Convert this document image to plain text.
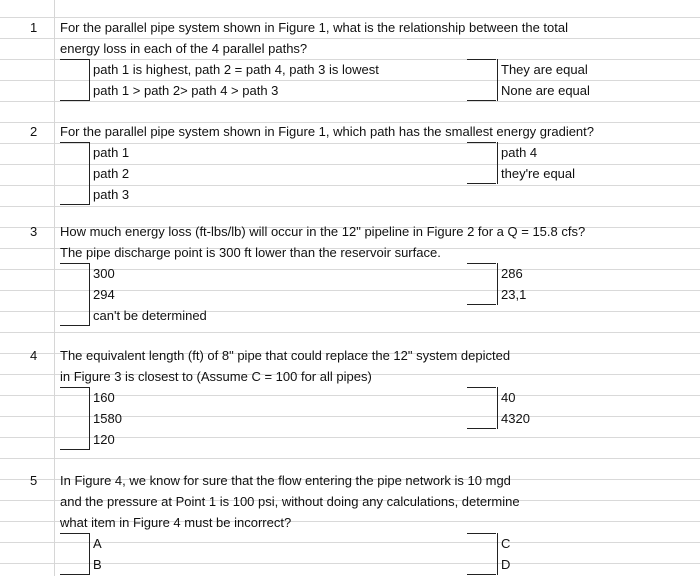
1	For the parallel pipe system shown in Figure 1, what is the relationship between the total
energy loss in each of the 4 parallel paths?
path 1 is highest, path 2 = path 4, path 3 is lowest
path 1 > path 2> path 4 > path 3
They are equal
None are equal
2	For the parallel pipe system shown in Figure 1, which path has the smallest energy gradient?
path 1
path 2
path 3
path 4
they're equal
3	How much energy loss (ft-lbs/lb) will occur in the 12" pipeline in Figure 2 for a Q = 15.8 cfs?
The pipe discharge point is 300 ft lower than the reservoir surface.
300
294
can't be determined
286
23,1
4	The equivalent length (ft) of 8" pipe that could replace the 12" system depicted
in Figure 3 is closest to (Assume C = 100 for all pipes)
160
1580
120
40
4320
5	In Figure 4, we know for sure that the flow entering the pipe network is 10 mgd
and the pressure at Point 1 is 100 psi, without doing any calculations, determine
what item in Figure 4 must be incorrect?
A
B
C
D
